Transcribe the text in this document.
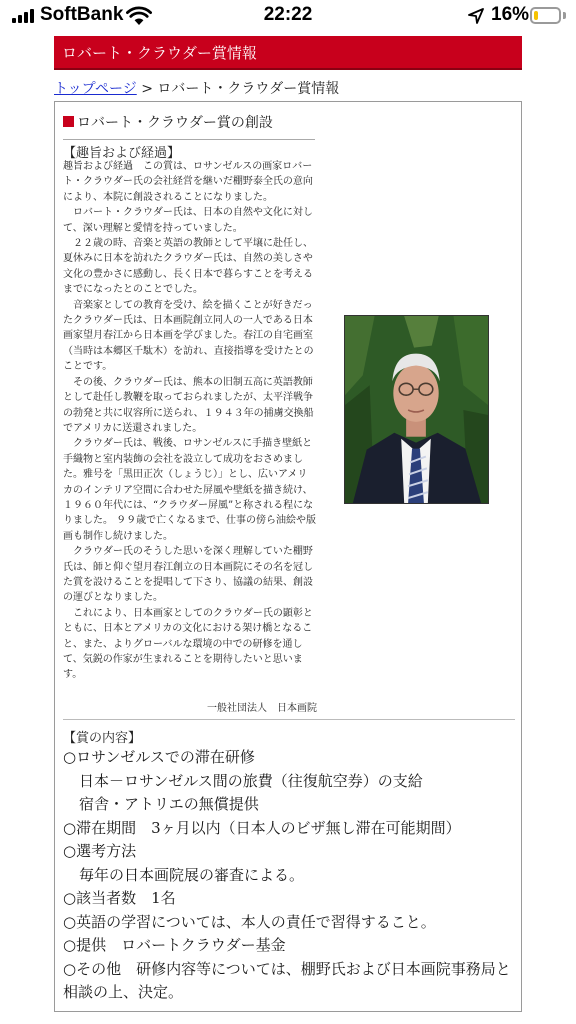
SoftBank	22:22	16%
ロバート・クラウダー賞情報
トップページ > ロバート・クラウダー賞情報
ロバート・クラウダー賞の創設
【趣旨および経過】

趣旨および経過　この賞は、ロサンゼルスの画家ロバート・クラウダー氏の会社経営を継いだ棚野泰全氏の意向により、本院に創設されることになりました。

ロバート・クラウダー氏は、日本の自然や文化に対して、深い理解と愛情を持っていました。

２２歳の時、音楽と英語の教師として平壌に赴任し、夏休みに日本を訪れたクラウダー氏は、自然の美しさや文化の豊かさに感動し、長く日本で暮らすことを考えるまでになったとのことでした。

音楽家としての教育を受け、絵を描くことが好きだったクラウダー氏は、日本画院創立同人の一人である日本画家望月春江から日本画を学びました。春江の自宅画室（当時は本郷区千駄木）を訪れ、直接指導を受けたとのことです。

その後、クラウダー氏は、熊本の旧制五高に英語教師として赴任し教鞭を取っておられましたが、太平洋戦争の勃発と共に収容所に送られ、１９４３年の捕虜交換船でアメリカに送還されました。

クラウダー氏は、戦後、ロサンゼルスに手描き壁紙と手織物と室内装飾の会社を設立して成功をおさめました。雅号を「黒田正次（しょうじ）」とし、広いアメリカのインテリア空間に合わせた屏風や壁紙を描き続け、１９６０年代には、“クラウダー屏風”と称される程になりました。 ９９歳で亡くなるまで、仕事の傍ら油絵や版画も制作し続けました。

クラウダー氏のそうした思いを深く理解していた棚野氏は、師と仰ぐ望月春江創立の日本画院にその名を冠した賞を設けることを提唱して下さり、協議の結果、創設の運びとなりました。

これにより、日本画家としてのクラウダー氏の顕彰とともに、日本とアメリカの文化における架け橋となること、また、よりグローバルな環境の中での研修を通して、気鋭の作家が生まれることを期待したいと思います。

一般社団法人　日本画院
【賞の内容】
○ロサンゼルスでの滞在研修
日本－ロサンゼルス間の旅費（往復航空券）の支給
宿舎・アトリエの無償提供
○滞在期間　3ヶ月以内（日本人のビザ無し滞在可能期間）
○選考方法
毎年の日本画院展の審査による。
○該当者数　1名
○英語の学習については、本人の責任で習得すること。
○提供　ロバートクラウダー基金
○その他　研修内容等については、棚野氏および日本画院事務局と相談の上、決定。
